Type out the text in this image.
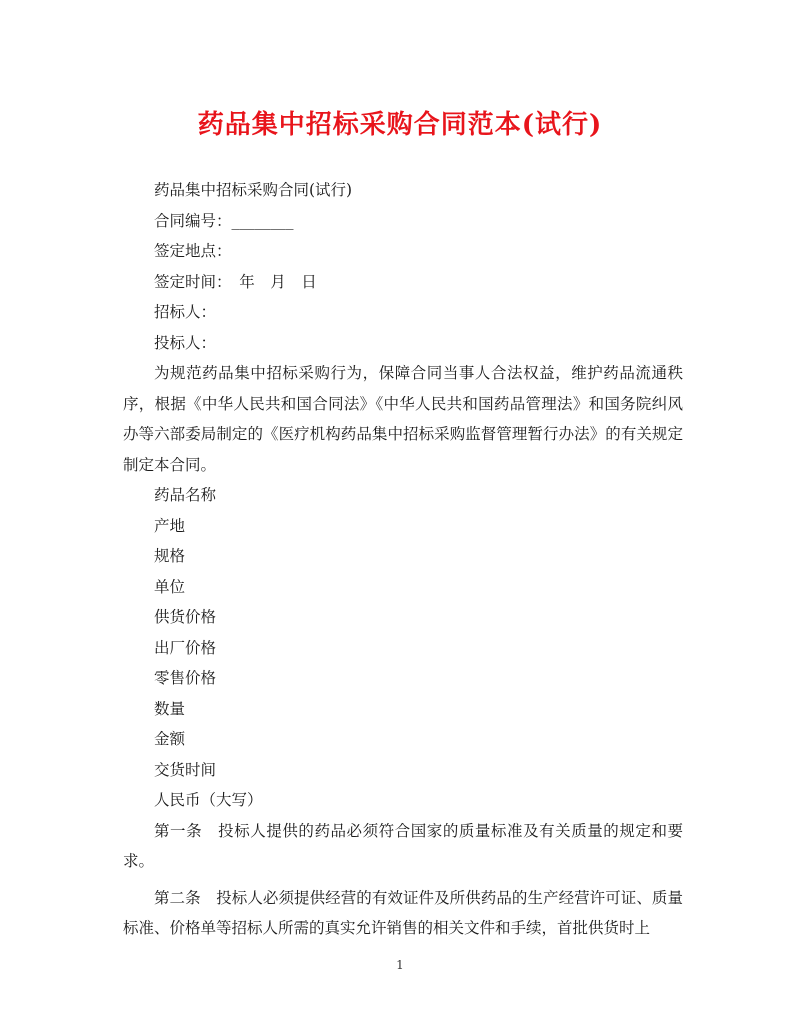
药品集中招标采购合同范本(试行)
药品集中招标采购合同(试行)
合同编号：________
签定地点：
签定时间：　年　月　日
招标人：
投标人：

为规范药品集中招标采购行为，保障合同当事人合法权益，维护药品流通秩序，根据《中华人民共和国合同法》《中华人民共和国药品管理法》和国务院纠风办等六部委局制定的《医疗机构药品集中招标采购监督管理暂行办法》的有关规定制定本合同。

药品名称
产地
规格
单位
供货价格
出厂价格
零售价格
数量
金额
交货时间
人民币（大写）

第一条　投标人提供的药品必须符合国家的质量标准及有关质量的规定和要求。

第二条　投标人必须提供经营的有效证件及所供药品的生产经营许可证、质量标准、价格单等招标人所需的真实允许销售的相关文件和手续，首批供货时上

1
